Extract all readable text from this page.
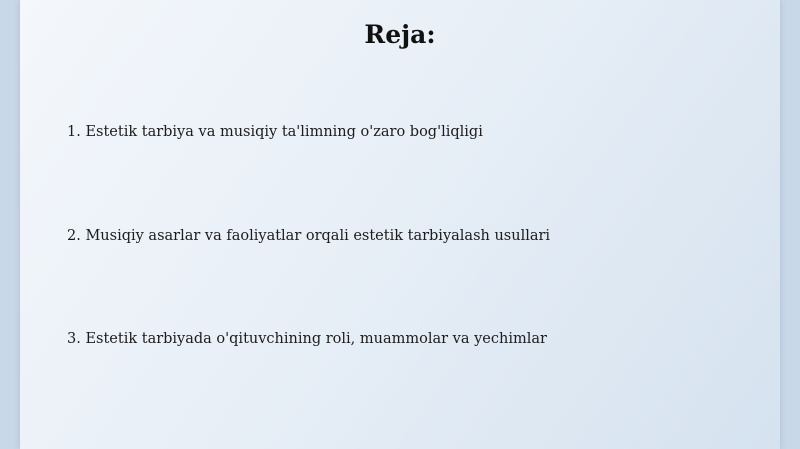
Reja:

1. Estetik tarbiya va musiqiy ta'limning o'zaro bog'liqligi

2. Musiqiy asarlar va faoliyatlar orqali estetik tarbiyalash usullari

3. Estetik tarbiyada o'qituvchining roli, muammolar va yechimlar
